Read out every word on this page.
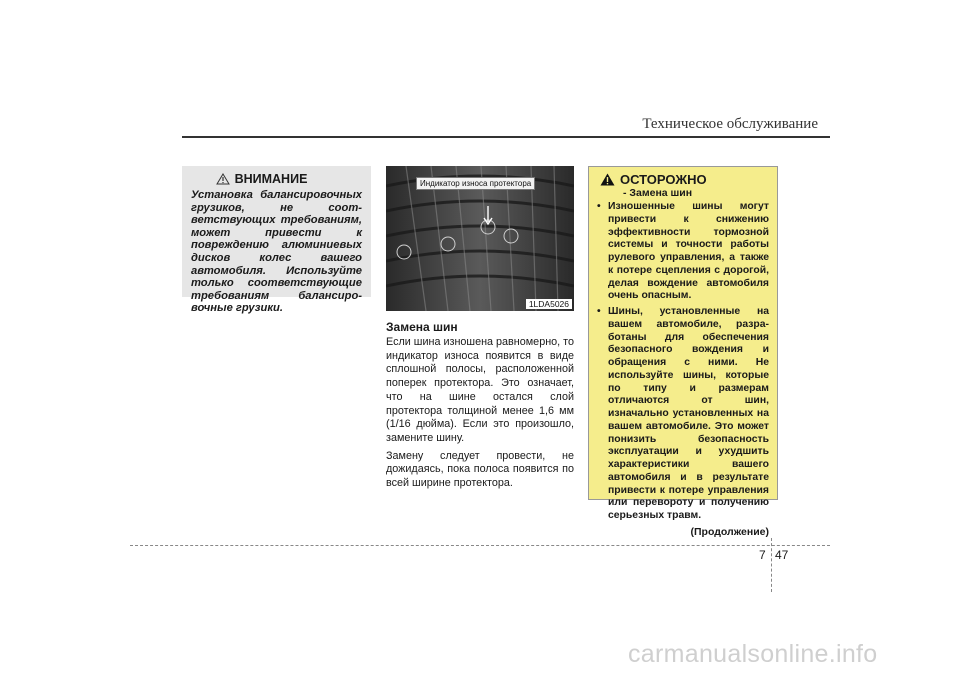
Техническое обслуживание
ВНИМАНИЕ
Установка балансировочных грузиков, не соот-ветствующих требованиям, может привести к повреждению алюминиевых дисков колес вашего автомобиля. Используйте только соответствующие требованиям балансиро-вочные грузики.
Индикатор износа протектора
1LDA5026
Замена шин

Если шина изношена равномерно, то индикатор износа появится в виде сплошной полосы, расположенной поперек протектора. Это означает, что на шине остался слой протектора толщиной менее 1,6 мм (1/16 дюйма). Если это произошло, замените шину.

Замену следует провести, не дожидаясь, пока полоса появится по всей ширине протектора.

ОСТОРОЖНО
- Замена шин
• Изношенные шины могут привести к снижению эффективности тормозной системы и точности работы рулевого управления, а также к потере сцепления с дорогой, делая вождение автомобиля очень опасным.
• Шины, установленные на вашем автомобиле, разра-ботаны для обеспечения безопасного вождения и обращения с ними. Не используйте шины, которые по типу и размерам отличаются от шин, изначально установленных на вашем автомобиле. Это может понизить безопасность эксплуатации и ухудшить характеристики вашего автомобиля и в результате привести к потере управления или перевороту и получению серьезных травм.
(Продолжение)
7 47
carmanualsonline.info
